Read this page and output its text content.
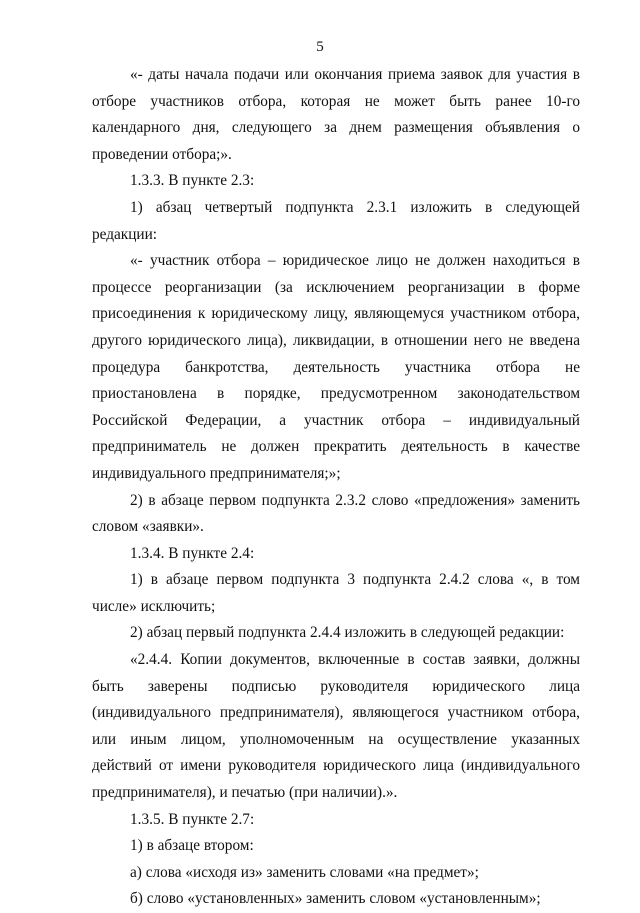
5

«- даты начала подачи или окончания приема заявок для участия в отборе участников отбора, которая не может быть ранее 10-го календарного дня, следующего за днем размещения объявления о проведении отбора;».

1.3.3. В пункте 2.3:

1) абзац четвертый подпункта 2.3.1 изложить в следующей редакции:

«- участник отбора – юридическое лицо не должен находиться в процессе реорганизации (за исключением реорганизации в форме присоединения к юридическому лицу, являющемуся участником отбора, другого юридического лица), ликвидации, в отношении него не введена процедура банкротства, деятельность участника отбора не приостановлена в порядке, предусмотренном законодательством Российской Федерации, а участник отбора – индивидуальный предприниматель не должен прекратить деятельность в качестве индивидуального предпринимателя;»;

2) в абзаце первом подпункта 2.3.2 слово «предложения» заменить словом «заявки».

1.3.4. В пункте 2.4:

1) в абзаце первом подпункта 3 подпункта 2.4.2 слова «, в том числе» исключить;

2) абзац первый подпункта 2.4.4 изложить в следующей редакции:

«2.4.4. Копии документов, включенные в состав заявки, должны быть заверены подписью руководителя юридического лица (индивидуального предпринимателя), являющегося участником отбора, или иным лицом, уполномоченным на осуществление указанных действий от имени руководителя юридического лица (индивидуального предпринимателя), и печатью (при наличии).».

1.3.5. В пункте 2.7:

1) в абзаце втором:

а) слова «исходя из» заменить словами «на предмет»;

б) слово «установленных» заменить словом «установленным»;
